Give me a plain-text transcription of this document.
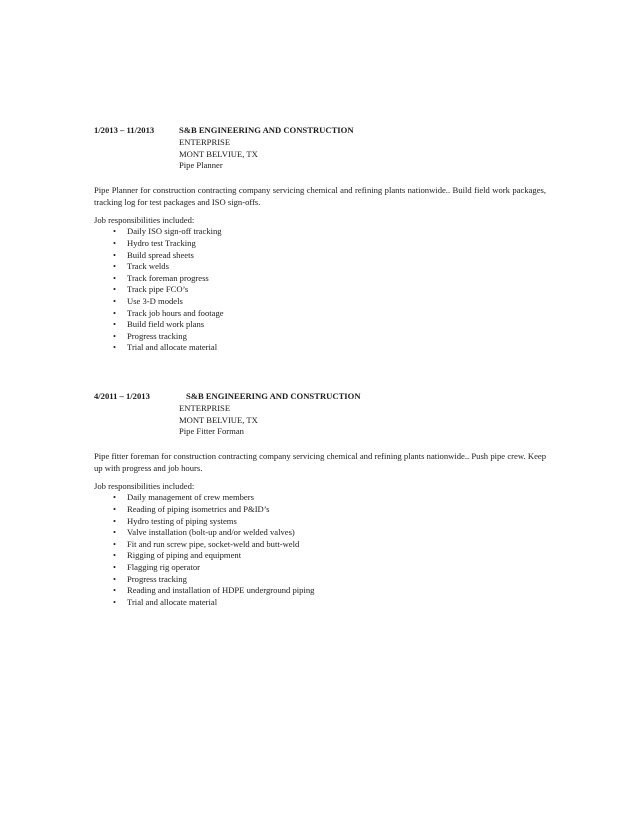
1/2013 – 11/2013	S&B ENGINEERING AND CONSTRUCTION
ENTERPRISE
MONT BELVIUE, TX
Pipe Planner
Pipe Planner for construction contracting company servicing chemical and refining plants nationwide.. Build field work packages, tracking log for test packages and ISO sign-offs.
Job responsibilities included:
• Daily ISO sign-off tracking
• Hydro test Tracking
• Build spread sheets
• Track welds
• Track foreman progress
• Track pipe FCO’s
• Use 3-D models
• Track job hours and footage
• Build field work plans
• Progress tracking
• Trial and allocate material
4/2011 – 1/2013	S&B ENGINEERING AND CONSTRUCTION
ENTERPRISE
MONT BELVIUE, TX
Pipe Fitter Forman
Pipe fitter foreman for construction contracting company servicing chemical and refining plants nationwide.. Push pipe crew. Keep up with progress and job hours.
Job responsibilities included:
• Daily management of crew members
• Reading of piping isometrics and P&ID’s
• Hydro testing of piping systems
• Valve installation (bolt-up and/or welded valves)
• Fit and run screw pipe, socket-weld and butt-weld
• Rigging of piping and equipment
• Flagging rig operator
• Progress tracking
• Reading and installation of HDPE underground piping
• Trial and allocate material
